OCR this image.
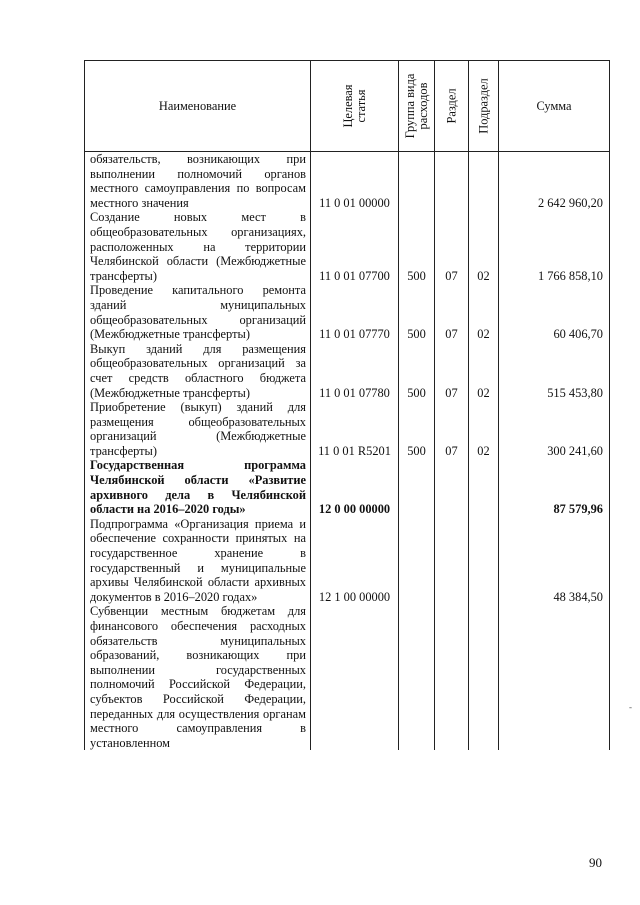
Наименование	Целевая статья	Группа вида расходов	Раздел	Подраздел	Сумма

обязательств, возникающих при выполнении полномочий органов местного самоуправления по вопросам местного значения	11 0 01 00000				2 642 960,20

Создание новых мест в общеобразовательных организациях, расположенных на территории Челябинской области (Межбюджетные трансферты)	11 0 01 07700	500	07	02	1 766 858,10

Проведение капитального ремонта зданий муниципальных общеобразовательных организаций (Межбюджетные трансферты)	11 0 01 07770	500	07	02	60 406,70

Выкуп зданий для размещения общеобразовательных организаций за счет средств областного бюджета (Межбюджетные трансферты)	11 0 01 07780	500	07	02	515 453,80

Приобретение (выкуп) зданий для размещения общеобразовательных организаций (Межбюджетные трансферты)	11 0 01 R5201	500	07	02	300 241,60

Государственная программа Челябинской области «Развитие архивного дела в Челябинской области на 2016–2020 годы»	12 0 00 00000				87 579,96

Подпрограмма «Организация приема и обеспечение сохранности принятых на государственное хранение в государственный и муниципальные архивы Челябинской области архивных документов в 2016–2020 годах»	12 1 00 00000				48 384,50

Субвенции местным бюджетам для финансового обеспечения расходных обязательств муниципальных образований, возникающих при выполнении государственных полномочий Российской Федерации, субъектов Российской Федерации, переданных для осуществления органам местного самоуправления в установленном					

-
90
